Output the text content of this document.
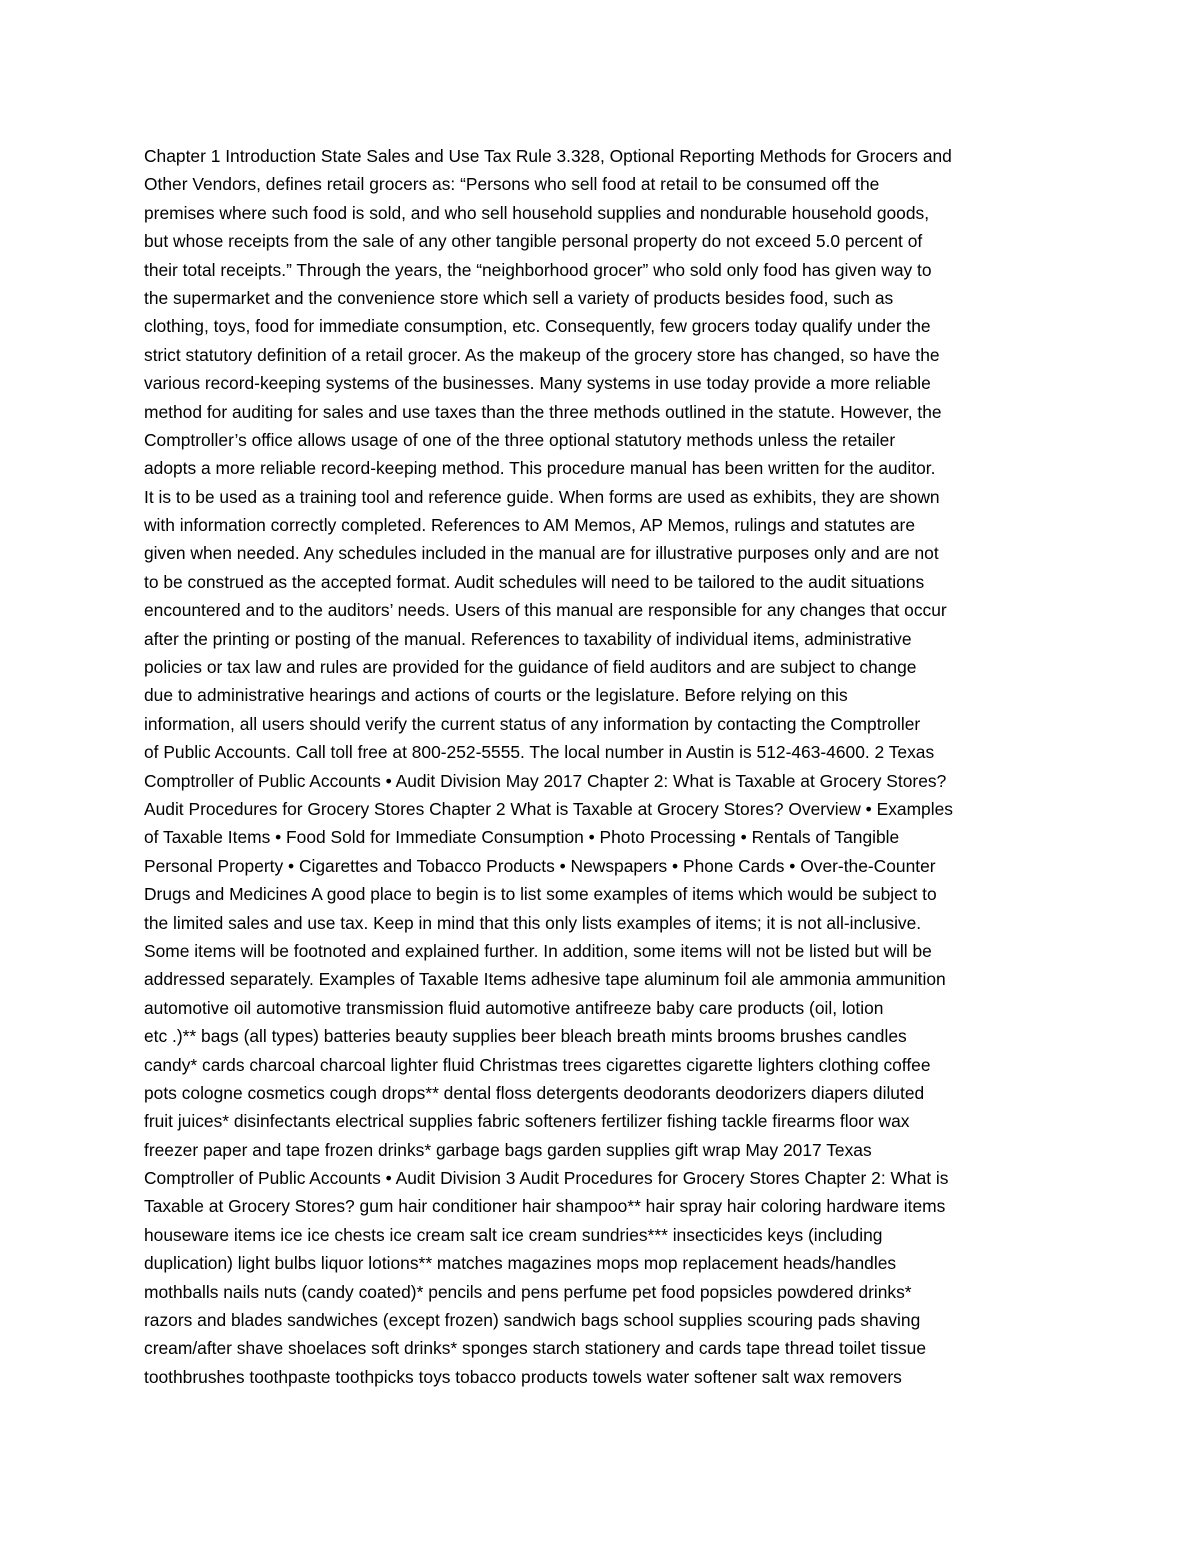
Chapter 1 Introduction State Sales and Use Tax Rule 3.328, Optional Reporting Methods for Grocers and
Other Vendors, defines retail grocers as: “Persons who sell food at retail to be consumed off the
premises where such food is sold, and who sell household supplies and nondurable household goods,
but whose receipts from the sale of any other tangible personal property do not exceed 5.0 percent of
their total receipts.” Through the years, the “neighborhood grocer” who sold only food has given way to
the supermarket and the convenience store which sell a variety of products besides food, such as
clothing, toys, food for immediate consumption, etc. Consequently, few grocers today qualify under the
strict statutory definition of a retail grocer. As the makeup of the grocery store has changed, so have the
various record-keeping systems of the businesses. Many systems in use today provide a more reliable
method for auditing for sales and use taxes than the three methods outlined in the statute. However, the
Comptroller’s office allows usage of one of the three optional statutory methods unless the retailer
adopts a more reliable record-keeping method. This procedure manual has been written for the auditor.
It is to be used as a training tool and reference guide. When forms are used as exhibits, they are shown
with information correctly completed. References to AM Memos, AP Memos, rulings and statutes are
given when needed. Any schedules included in the manual are for illustrative purposes only and are not
to be construed as the accepted format. Audit schedules will need to be tailored to the audit situations
encountered and to the auditors’ needs. Users of this manual are responsible for any changes that occur
after the printing or posting of the manual. References to taxability of individual items, administrative
policies or tax law and rules are provided for the guidance of field auditors and are subject to change
due to administrative hearings and actions of courts or the legislature. Before relying on this
information, all users should verify the current status of any information by contacting the Comptroller
of Public Accounts. Call toll free at 800-252-5555. The local number in Austin is 512-463-4600. 2 Texas
Comptroller of Public Accounts • Audit Division May 2017 Chapter 2: What is Taxable at Grocery Stores?
Audit Procedures for Grocery Stores Chapter 2 What is Taxable at Grocery Stores? Overview • Examples
of Taxable Items • Food Sold for Immediate Consumption • Photo Processing • Rentals of Tangible
Personal Property • Cigarettes and Tobacco Products • Newspapers • Phone Cards • Over-the-Counter
Drugs and Medicines A good place to begin is to list some examples of items which would be subject to
the limited sales and use tax. Keep in mind that this only lists examples of items; it is not all-inclusive.
Some items will be footnoted and explained further. In addition, some items will not be listed but will be
addressed separately. Examples of Taxable Items adhesive tape aluminum foil ale ammonia ammunition
automotive oil automotive transmission fluid automotive antifreeze baby care products (oil, lotion
etc .)** bags (all types) batteries beauty supplies beer bleach breath mints brooms brushes candles
candy* cards charcoal charcoal lighter fluid Christmas trees cigarettes cigarette lighters clothing coffee
pots cologne cosmetics cough drops** dental floss detergents deodorants deodorizers diapers diluted
fruit juices* disinfectants electrical supplies fabric softeners fertilizer fishing tackle firearms floor wax
freezer paper and tape frozen drinks* garbage bags garden supplies gift wrap May 2017 Texas
Comptroller of Public Accounts • Audit Division 3 Audit Procedures for Grocery Stores Chapter 2: What is
Taxable at Grocery Stores? gum hair conditioner hair shampoo** hair spray hair coloring hardware items
houseware items ice ice chests ice cream salt ice cream sundries*** insecticides keys (including
duplication) light bulbs liquor lotions** matches magazines mops mop replacement heads/handles
mothballs nails nuts (candy coated)* pencils and pens perfume pet food popsicles powdered drinks*
razors and blades sandwiches (except frozen) sandwich bags school supplies scouring pads shaving
cream/after shave shoelaces soft drinks* sponges starch stationery and cards tape thread toilet tissue
toothbrushes toothpaste toothpicks toys tobacco products towels water softener salt wax removers
